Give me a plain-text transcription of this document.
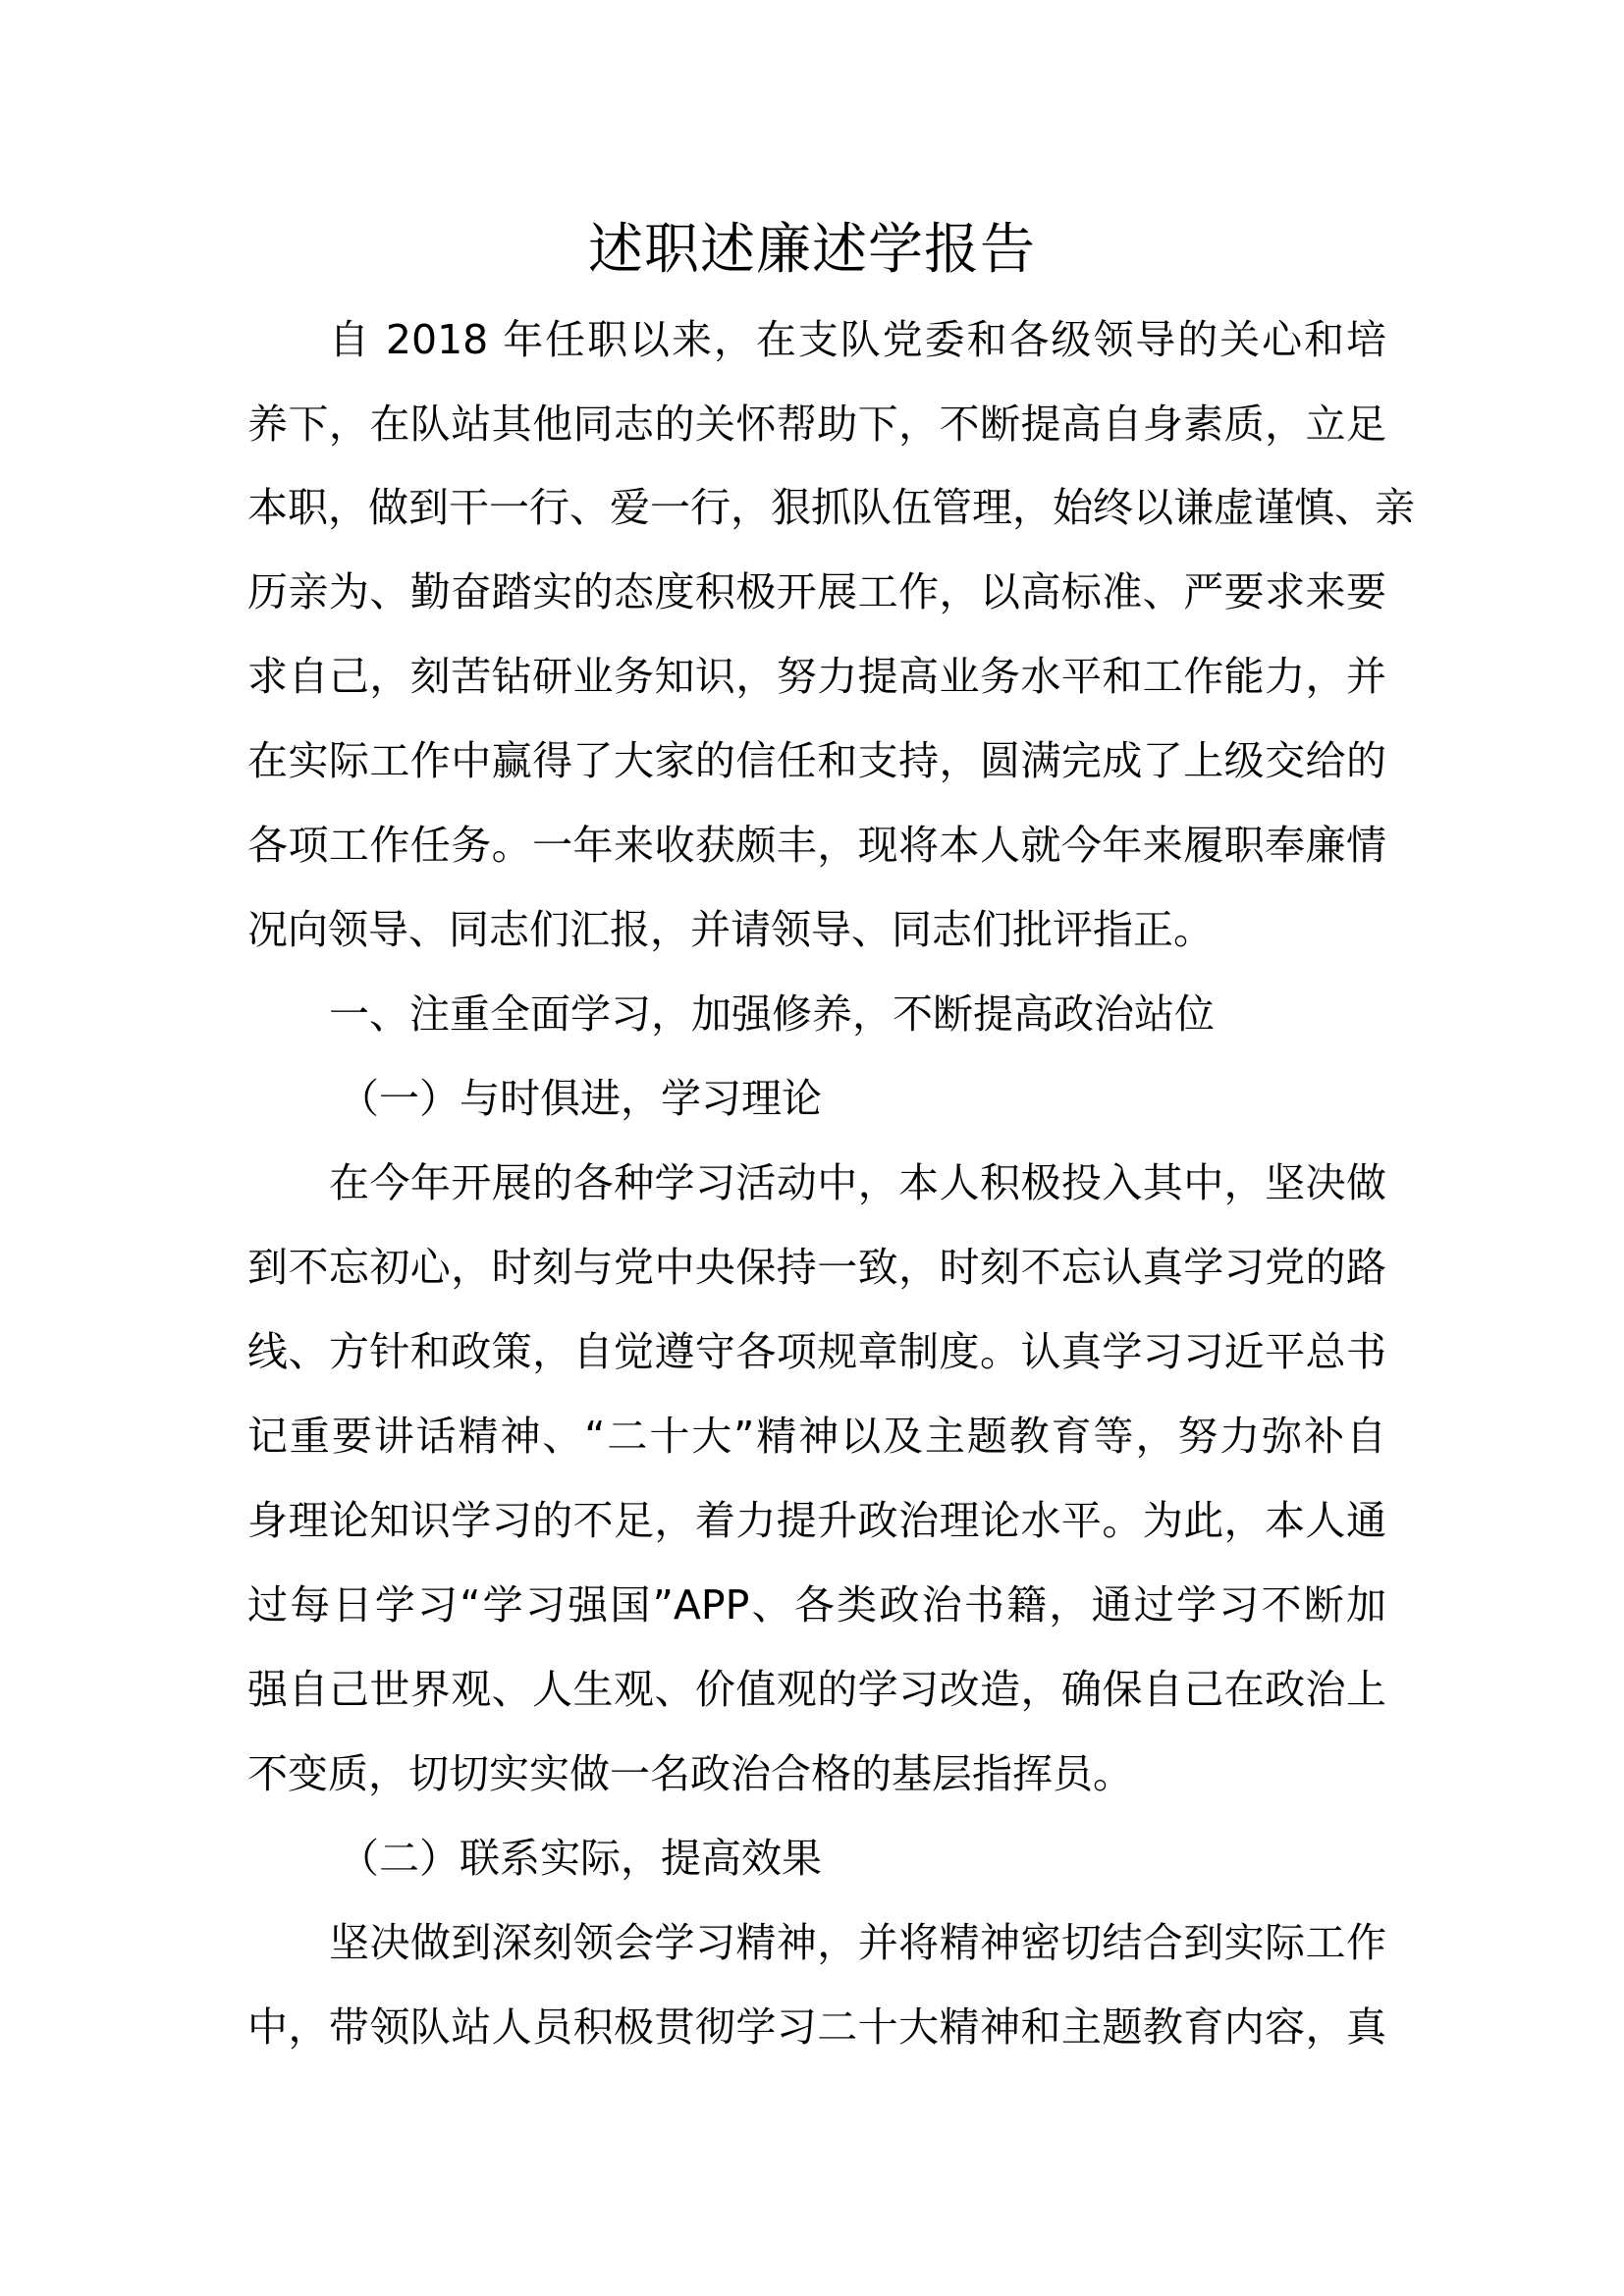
述职述廉述学报告
自 2018 年任职以来，在支队党委和各级领导的关心和培
养下，在队站其他同志的关怀帮助下，不断提高自身素质，立足
本职，做到干一行、爱一行，狠抓队伍管理，始终以谦虚谨慎、亲
历亲为、勤奋踏实的态度积极开展工作，以高标准、严要求来要
求自己，刻苦钻研业务知识，努力提高业务水平和工作能力，并
在实际工作中赢得了大家的信任和支持，圆满完成了上级交给的
各项工作任务。一年来收获颇丰，现将本人就今年来履职奉廉情
况向领导、同志们汇报，并请领导、同志们批评指正。
一、注重全面学习，加强修养，不断提高政治站位
（一）与时俱进，学习理论
在今年开展的各种学习活动中，本人积极投入其中，坚决做
到不忘初心，时刻与党中央保持一致，时刻不忘认真学习党的路
线、方针和政策，自觉遵守各项规章制度。认真学习习近平总书
记重要讲话精神、“二十大”精神以及主题教育等，努力弥补自
身理论知识学习的不足，着力提升政治理论水平。为此，本人通
过每日学习“学习强国”APP、各类政治书籍，通过学习不断加
强自己世界观、人生观、价值观的学习改造，确保自己在政治上
不变质，切切实实做一名政治合格的基层指挥员。
（二）联系实际，提高效果
坚决做到深刻领会学习精神，并将精神密切结合到实际工作
中，带领队站人员积极贯彻学习二十大精神和主题教育内容，真
